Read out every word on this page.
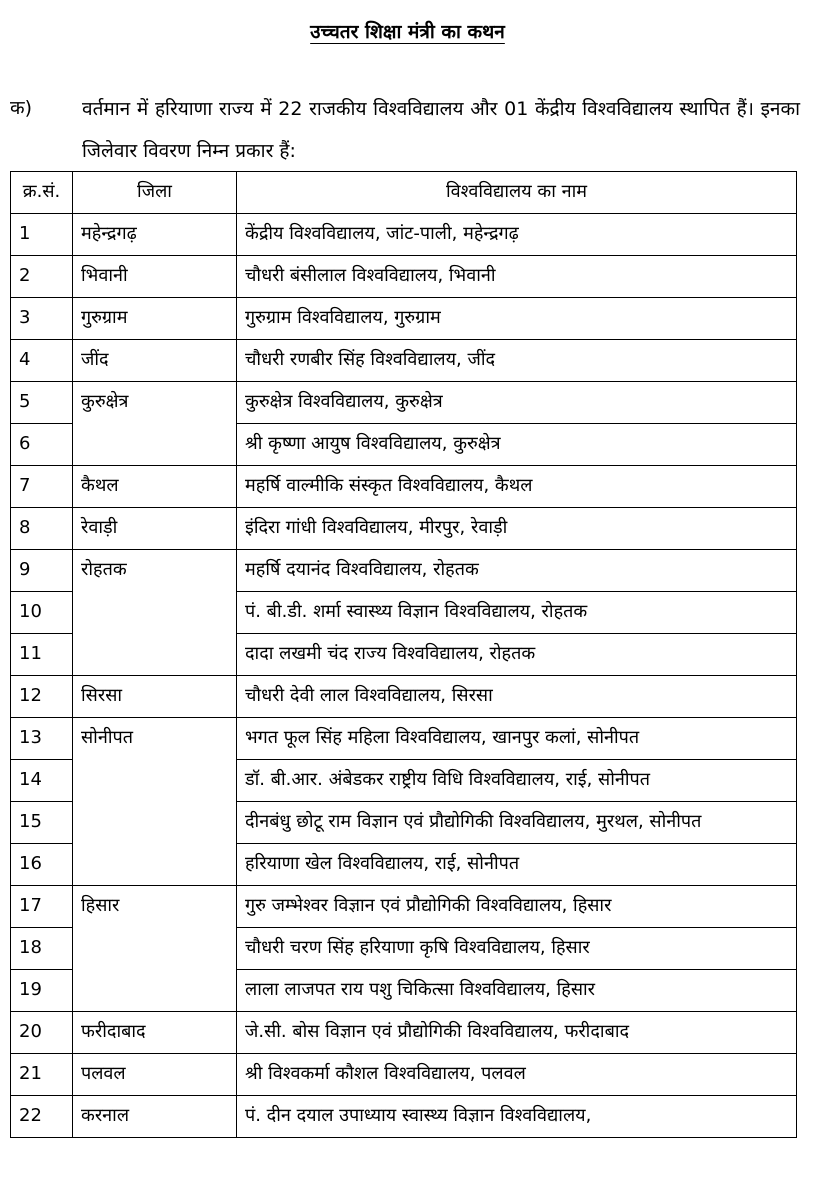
उच्चतर शिक्षा मंत्री का कथन
क)	वर्तमान में हरियाणा राज्य में 22 राजकीय विश्वविद्यालय और 01 केंद्रीय विश्वविद्यालय स्थापित हैं। इनका जिलेवार विवरण निम्न प्रकार हैं:
क्र.सं.	जिला	विश्वविद्यालय का नाम
1	महेन्द्रगढ़	केंद्रीय विश्वविद्यालय, जांट-पाली, महेन्द्रगढ़
2	भिवानी	चौधरी बंसीलाल विश्वविद्यालय, भिवानी
3	गुरुग्राम	गुरुग्राम विश्वविद्यालय, गुरुग्राम
4	जींद	चौधरी रणबीर सिंह विश्वविद्यालय, जींद
5	कुरुक्षेत्र	कुरुक्षेत्र विश्वविद्यालय, कुरुक्षेत्र
6		श्री कृष्णा आयुष विश्वविद्यालय, कुरुक्षेत्र
7	कैथल	महर्षि वाल्मीकि संस्कृत विश्वविद्यालय, कैथल
8	रेवाड़ी	इंदिरा गांधी विश्वविद्यालय, मीरपुर, रेवाड़ी
9	रोहतक	महर्षि दयानंद विश्वविद्यालय, रोहतक
10		पं. बी.डी. शर्मा स्वास्थ्य विज्ञान विश्वविद्यालय, रोहतक
11		दादा लखमी चंद राज्य विश्वविद्यालय, रोहतक
12	सिरसा	चौधरी देवी लाल विश्वविद्यालय, सिरसा
13	सोनीपत	भगत फूल सिंह महिला विश्वविद्यालय, खानपुर कलां, सोनीपत
14		डॉ. बी.आर. अंबेडकर राष्ट्रीय विधि विश्वविद्यालय, राई, सोनीपत
15		दीनबंधु छोटू राम विज्ञान एवं प्रौद्योगिकी विश्वविद्यालय, मुरथल, सोनीपत
16		हरियाणा खेल विश्वविद्यालय, राई, सोनीपत
17	हिसार	गुरु जम्भेश्वर विज्ञान एवं प्रौद्योगिकी विश्वविद्यालय, हिसार
18		चौधरी चरण सिंह हरियाणा कृषि विश्वविद्यालय, हिसार
19		लाला लाजपत राय पशु चिकित्सा विश्वविद्यालय, हिसार
20	फरीदाबाद	जे.सी. बोस विज्ञान एवं प्रौद्योगिकी विश्वविद्यालय, फरीदाबाद
21	पलवल	श्री विश्वकर्मा कौशल विश्वविद्यालय, पलवल
22	करनाल	पं. दीन दयाल उपाध्याय स्वास्थ्य विज्ञान विश्वविद्यालय,
